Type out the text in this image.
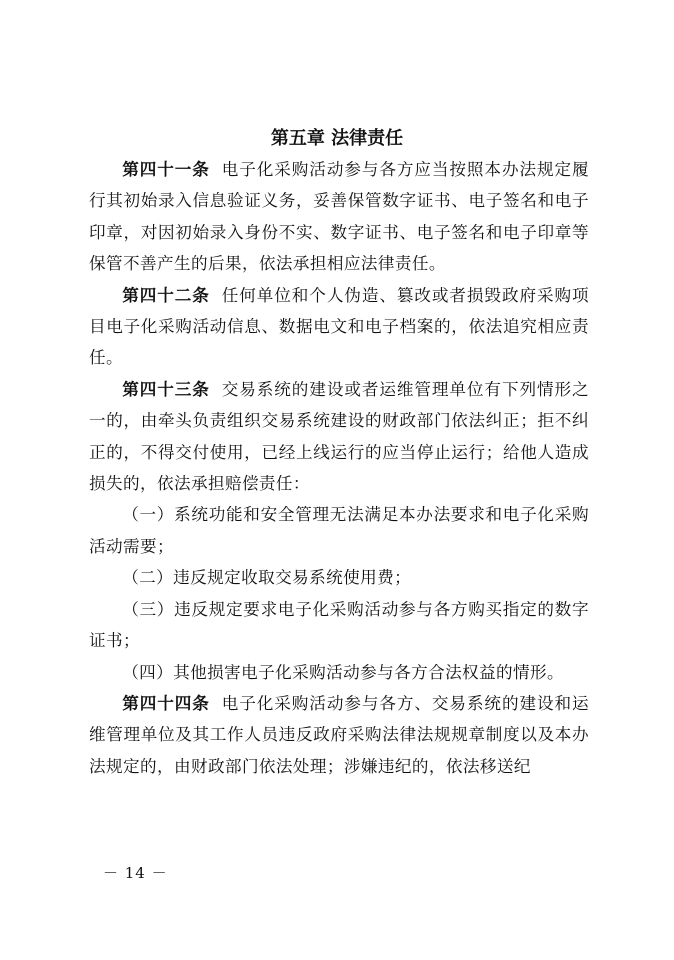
第五章 法律责任

第四十一条 电子化采购活动参与各方应当按照本办法规定履行其初始录入信息验证义务，妥善保管数字证书、电子签名和电子印章，对因初始录入身份不实、数字证书、电子签名和电子印章等保管不善产生的后果，依法承担相应法律责任。

第四十二条 任何单位和个人伪造、篡改或者损毁政府采购项目电子化采购活动信息、数据电文和电子档案的，依法追究相应责任。

第四十三条 交易系统的建设或者运维管理单位有下列情形之一的，由牵头负责组织交易系统建设的财政部门依法纠正；拒不纠正的，不得交付使用，已经上线运行的应当停止运行；给他人造成损失的，依法承担赔偿责任：

（一）系统功能和安全管理无法满足本办法要求和电子化采购活动需要；

（二）违反规定收取交易系统使用费；

（三）违反规定要求电子化采购活动参与各方购买指定的数字证书；

（四）其他损害电子化采购活动参与各方合法权益的情形。

第四十四条 电子化采购活动参与各方、交易系统的建设和运维管理单位及其工作人员违反政府采购法律法规规章制度以及本办法规定的，由财政部门依法处理；涉嫌违纪的，依法移送纪

－ 14 －
